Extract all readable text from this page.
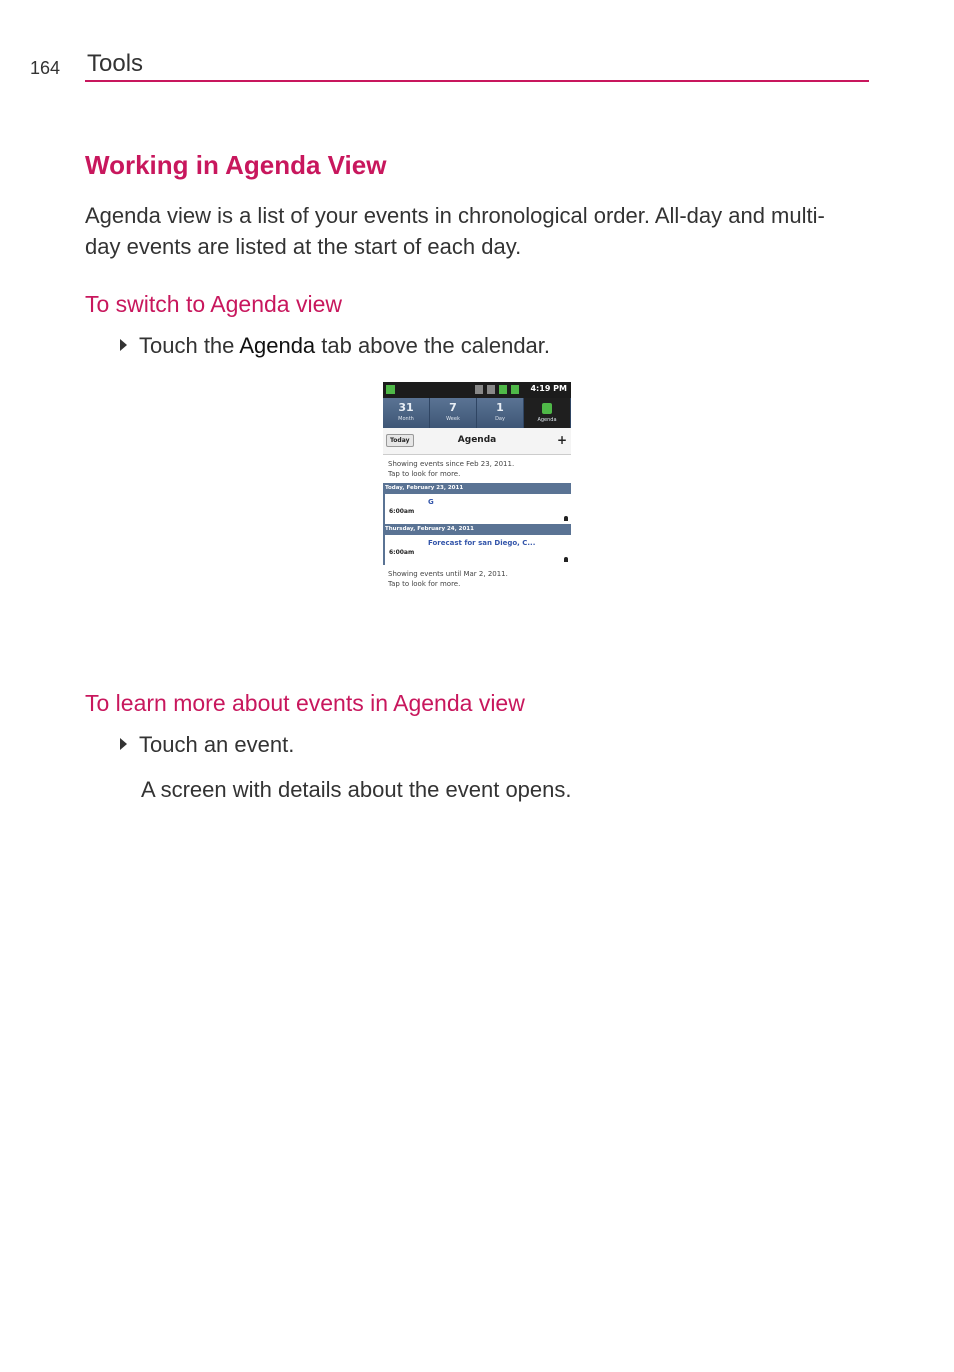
164 Tools
Working in Agenda View
Agenda view is a list of your events in chronological order. All-day and multi-day events are listed at the start of each day.
To switch to Agenda view
Touch the Agenda tab above the calendar.
4:19 PM
31
Month
7
Week
1
Day	Agenda
Today	Agenda	+
Showing events since Feb 23, 2011.
Tap to look for more.
Today, February 23, 2011
6:00am
G
Thursday, February 24, 2011
6:00am
Forecast for san Diego, C...
Showing events until Mar 2, 2011.
Tap to look for more.
To learn more about events in Agenda view
Touch an event.
A screen with details about the event opens.
